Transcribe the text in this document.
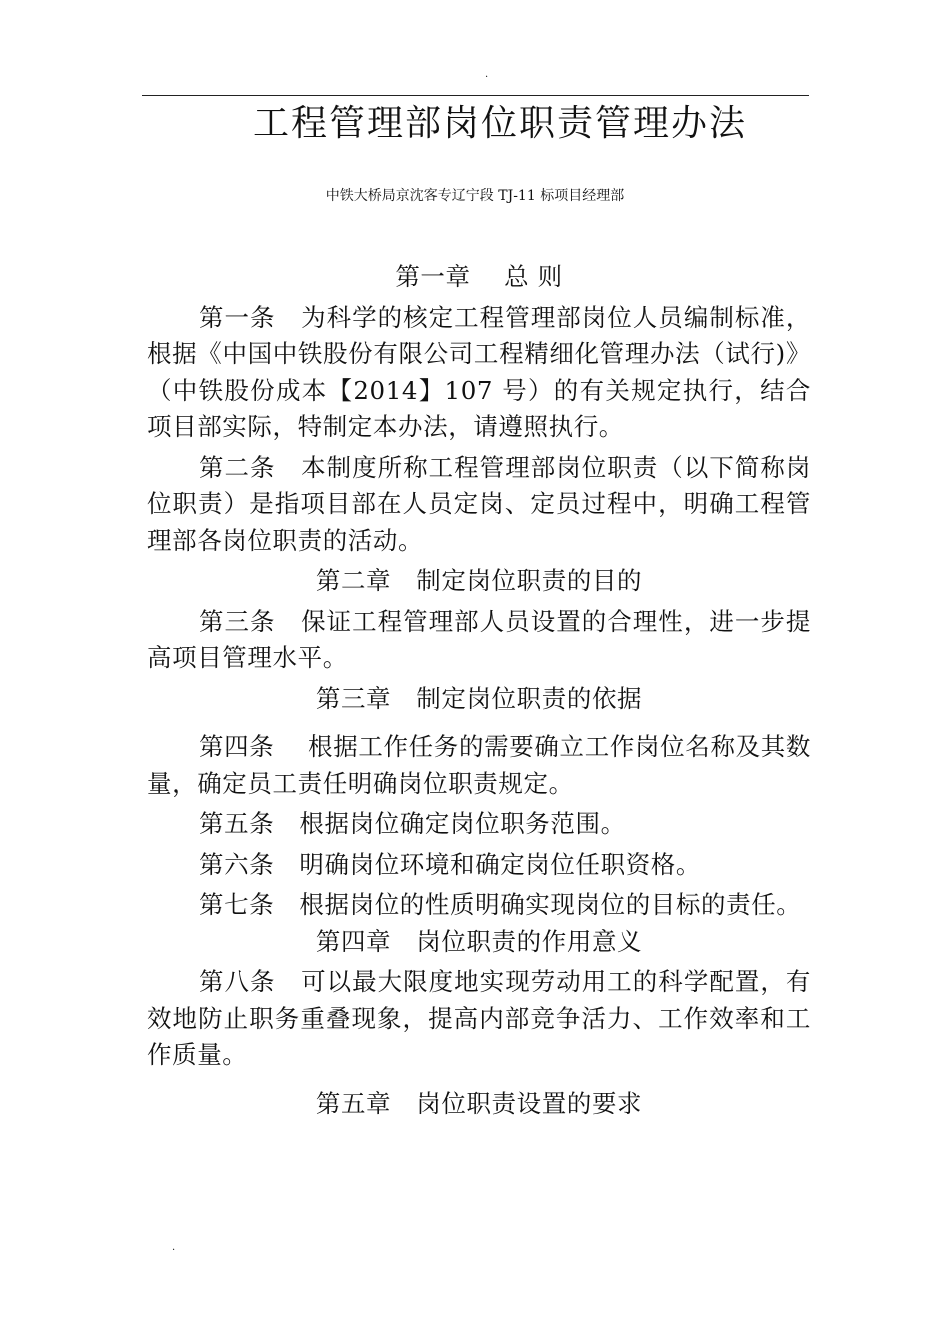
.
工程管理部岗位职责管理办法
中铁大桥局京沈客专辽宁段 TJ-11 标项目经理部

第一章　 总 则

第一条　为科学的核定工程管理部岗位人员编制标准，根据《中国中铁股份有限公司工程精细化管理办法（试行)》（中铁股份成本【2014】107 号）的有关规定执行，结合项目部实际，特制定本办法，请遵照执行。

第二条　本制度所称工程管理部岗位职责（以下简称岗位职责）是指项目部在人员定岗、定员过程中，明确工程管理部各岗位职责的活动。

第二章　制定岗位职责的目的

第三条　保证工程管理部人员设置的合理性，进一步提高项目管理水平。

第三章　制定岗位职责的依据

第四条　 根据工作任务的需要确立工作岗位名称及其数量，确定员工责任明确岗位职责规定。

第五条　根据岗位确定岗位职务范围。

第六条　明确岗位环境和确定岗位任职资格。

第七条　根据岗位的性质明确实现岗位的目标的责任。

第四章　岗位职责的作用意义

第八条　可以最大限度地实现劳动用工的科学配置，有效地防止职务重叠现象，提高内部竞争活力、工作效率和工作质量。

第五章　岗位职责设置的要求

.
